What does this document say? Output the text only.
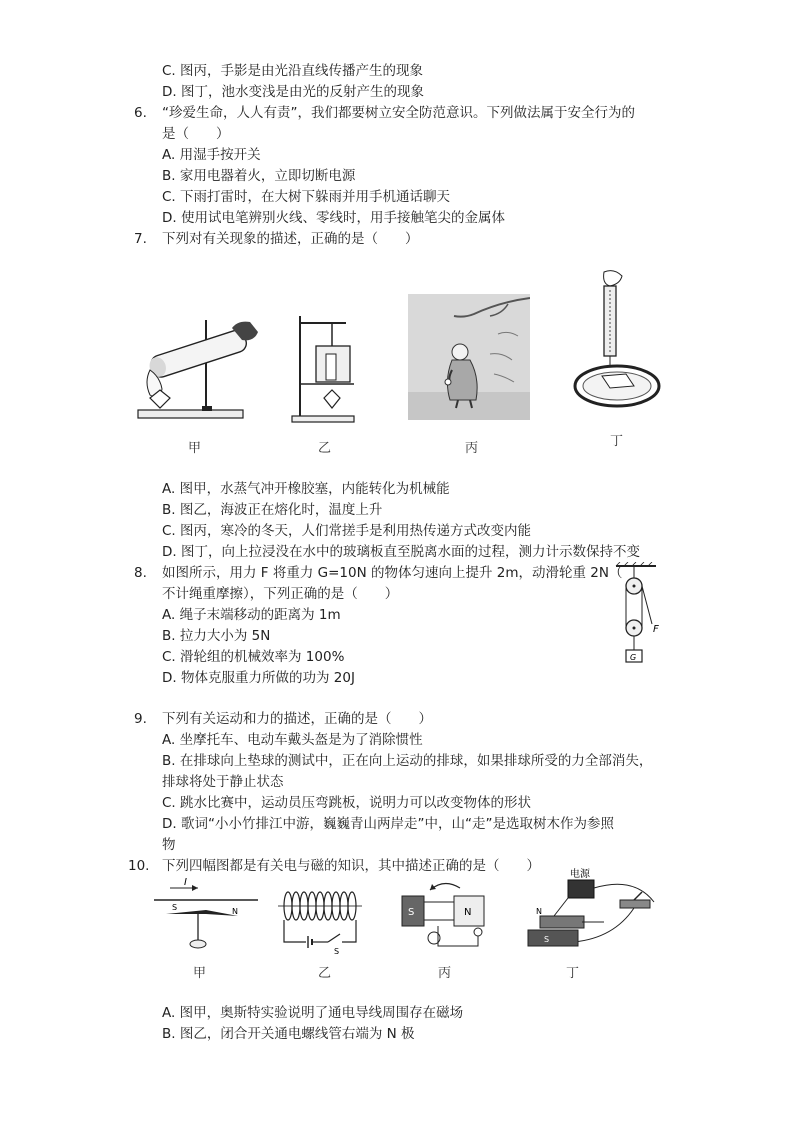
C. 图丙，手影是由光沿直线传播产生的现象
D. 图丁，池水变浅是由光的反射产生的现象
6. “珍爱生命，人人有责”，我们都要树立安全防范意识。下列做法属于安全行为的
是（　　）
A. 用湿手按开关
B. 家用电器着火，立即切断电源
C. 下雨打雷时，在大树下躲雨并用手机通话聊天
D. 使用试电笔辨别火线、零线时，用手接触笔尖的金属体
7. 下列对有关现象的描述，正确的是（　　）
甲	乙	丙	丁
A. 图甲，水蒸气冲开橡胶塞，内能转化为机械能
B. 图乙，海波正在熔化时，温度上升
C. 图丙，寒冷的冬天，人们常搓手是利用热传递方式改变内能
D. 图丁，向上拉浸没在水中的玻璃板直至脱离水面的过程，测力计示数保持不变
8. 如图所示，用力 F 将重力 G=10N 的物体匀速向上提升 2m，动滑轮重 2N（
不计绳重摩擦），下列正确的是（　　）
A. 绳子末端移动的距离为 1m
B. 拉力大小为 5N
C. 滑轮组的机械效率为 100%
D. 物体克服重力所做的功为 20J
F
G
9. 下列有关运动和力的描述，正确的是（　　）
A. 坐摩托车、电动车戴头盔是为了消除惯性
B. 在排球向上垫球的测试中，正在向上运动的排球，如果排球所受的力全部消失，
排球将处于静止状态
C. 跳水比赛中，运动员压弯跳板，说明力可以改变物体的形状
D. 歌词“小小竹排江中游，巍巍青山两岸走”中，山“走”是选取树木作为参照
物
10. 下列四幅图都是有关电与磁的知识，其中描述正确的是（　　）
I
S	N
甲
S
乙
S	N
丙
电源
N
S
丁
A. 图甲，奥斯特实验说明了通电导线周围存在磁场
B. 图乙，闭合开关通电螺线管右端为 N 极
